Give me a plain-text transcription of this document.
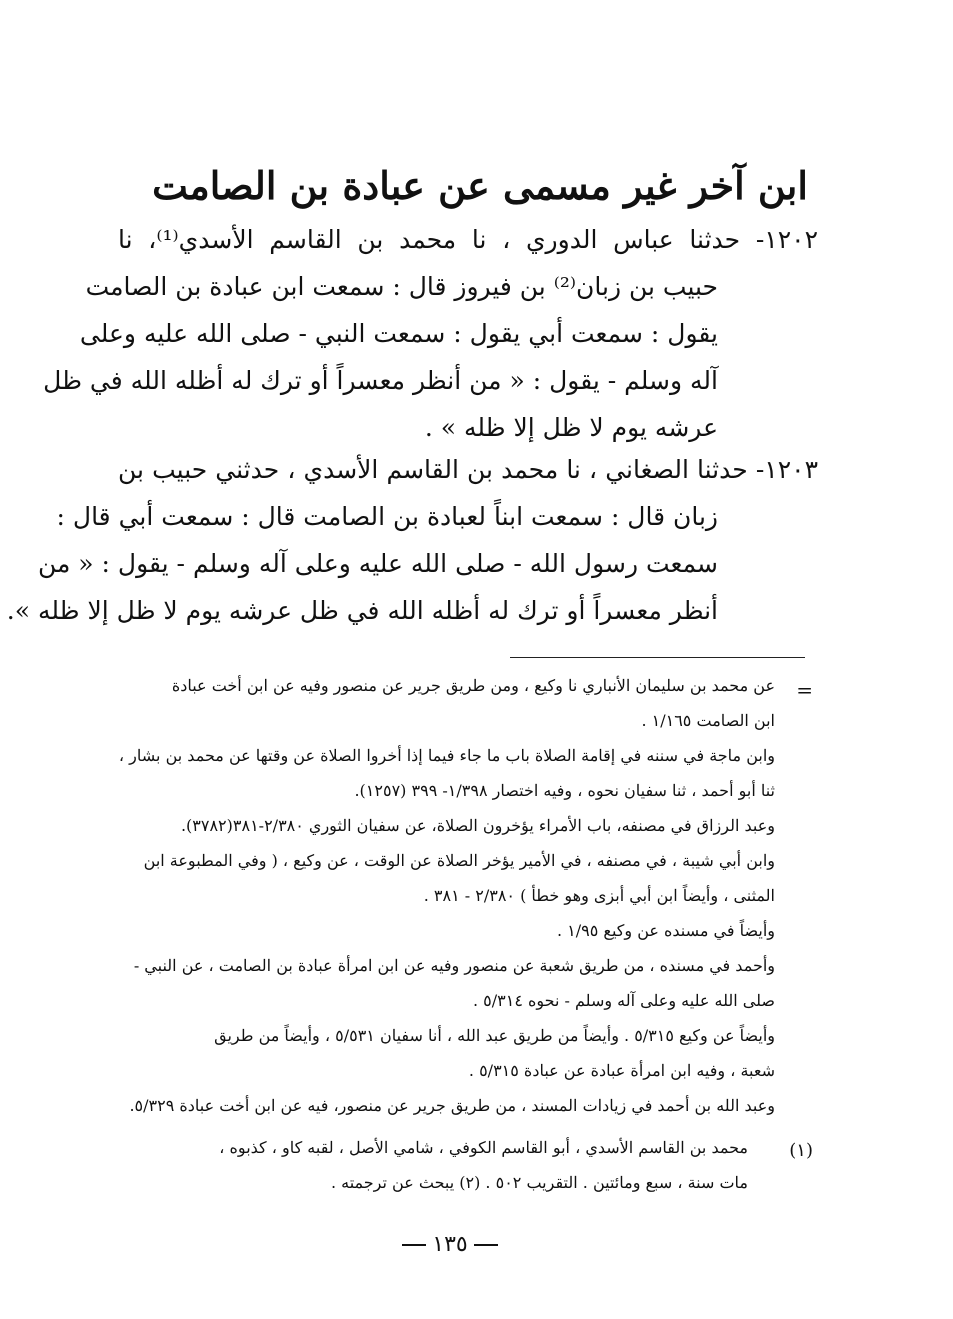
ابن آخر غير مسمى عن عبادة بن الصامت
١٢٠٢- حدثنا عباس الدوري ، نا محمد بن القاسم الأسدي⁽¹⁾، نا
حبيب بن زبان⁽²⁾ بن فيروز قال : سمعت ابن عبادة بن الصامت
يقول : سمعت أبي يقول : سمعت النبي - صلى الله عليه وعلى
آله وسلم - يقول : « من أنظر معسراً أو ترك له أظله الله في ظل
عرشه يوم لا ظل إلا ظله » .
١٢٠٣- حدثنا الصغاني ، نا محمد بن القاسم الأسدي ، حدثني حبيب بن
زبان قال : سمعت ابناً لعبادة بن الصامت قال : سمعت أبي قال :
سمعت رسول الله - صلى الله عليه وعلى آله وسلم - يقول : « من
أنظر معسراً أو ترك له أظله الله في ظل عرشه يوم لا ظل إلا ظله ».
=
عن محمد بن سليمان الأنباري نا وكيع ، ومن طريق جرير عن منصور وفيه عن ابن أخت عبادة
ابن الصامت ١/١٦٥ .
وابن ماجة في سننه في إقامة الصلاة باب ما جاء فيما إذا أخروا الصلاة عن وقتها عن محمد بن بشار ،
ثنا أبو أحمد ، ثنا سفيان نحوه ، وفيه اختصار ١/٣٩٨- ٣٩٩ (١٢٥٧).
وعبد الرزاق في مصنفه، باب الأمراء يؤخرون الصلاة، عن سفيان الثوري ٢/٣٨٠-٣٨١(٣٧٨٢).
وابن أبي شيبة ، في مصنفه ، في الأمير يؤخر الصلاة عن الوقت ، عن وكيع ، ( وفي المطبوعة ابن
المثنى ، وأيضاً ابن أبي أبزى وهو خطأ ) ٢/٣٨٠ - ٣٨١ .
وأيضاً في مسنده عن وكيع ١/٩٥ .
وأحمد في مسنده ، من طريق شعبة عن منصور وفيه عن ابن امرأة عبادة بن الصامت ، عن النبي -
صلى الله عليه وعلى آله وسلم - نحوه ٥/٣١٤ .
وأيضاً عن وكيع ٥/٣١٥ . وأيضاً من طريق عبد الله ، أنا سفيان ٥/٥٣١ ، وأيضاً من طريق
شعبة ، وفيه ابن امرأة عبادة عن عبادة ٥/٣١٥ .
وعبد الله بن أحمد في زيادات المسند ، من طريق جرير عن منصور، فيه عن ابن أخت عبادة ٥/٣٢٩.
(١)
محمد بن القاسم الأسدي ، أبو القاسم الكوفي ، شامي الأصل ، لقبه كاو ، كذبوه ،
مات سنة ، سبع ومائتين . التقريب ٥٠٢ . (٢) يبحث عن ترجمته .
١٣٥
